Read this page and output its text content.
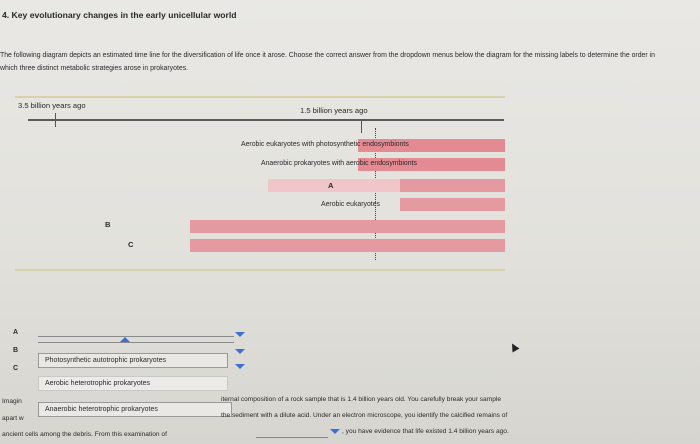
4. Key evolutionary changes in the early unicellular world
The following diagram depicts an estimated time line for the diversification of life once it arose. Choose the correct answer from the dropdown menus below the diagram for the missing labels to determine the order in which three distinct metabolic strategies arose in prokaryotes.
3.5 billion years ago
1.5 billion years ago
Aerobic eukaryotes with photosynthetic endosymbionts
Anaerobic prokaryotes with aerobic endosymbionts
A
Aerobic eukaryotes
B
C
A
B
C
Photosynthetic autotrophic prokaryotes
Aerobic heterotrophic prokaryotes
Anaerobic heterotrophic prokaryotes
Imagin	iternal composition of a rock sample that is 1.4 billion years old. You carefully break your sample
apart w	the sediment with a dilute acid. Under an electron microscope, you identify the calcified remains of
ancient cells among the debris. From this examination of	, you have evidence that life existed 1.4 billion years ago.
